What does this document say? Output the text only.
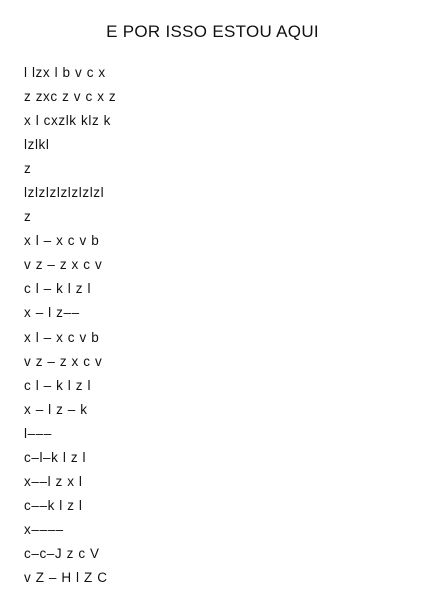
E POR ISSO ESTOU AQUI
l lzx l b v c x
z zxc z v c x z
x l cxzlk klz k
lzlkl
z
lzlzlzlzlzlzlzl
z
x l – x c v b
v z – z x c v
c l – k l z l
x – l z––
x l – x c v b
v z – z x c v
c l – k l z l
x – l z – k
l–––
c–l–k l z l
x––l z x l
c––k l z l
x––––
c–c–J z c V
v Z – H l Z C
